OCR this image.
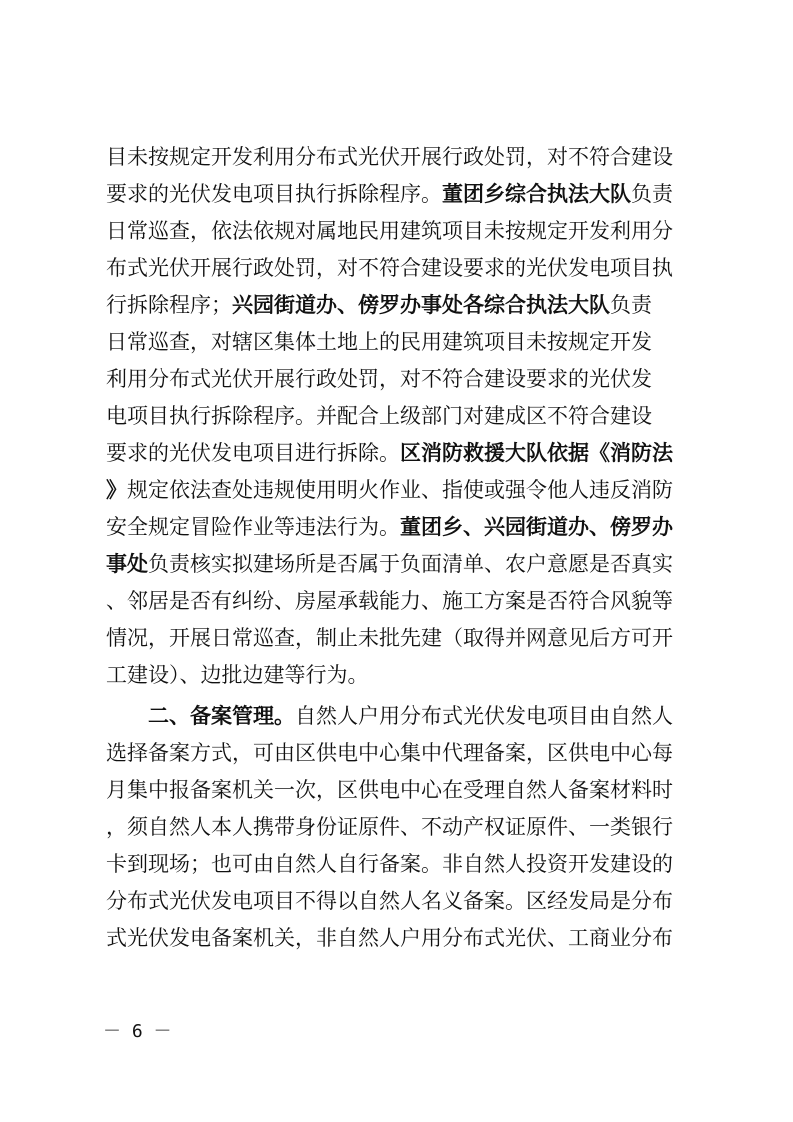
目未按规定开发利用分布式光伏开展行政处罚，对不符合建设
要求的光伏发电项目执行拆除程序。董团乡综合执法大队负责
日常巡查，依法依规对属地民用建筑项目未按规定开发利用分
布式光伏开展行政处罚，对不符合建设要求的光伏发电项目执
行拆除程序；兴园街道办、傍罗办事处各综合执法大队负责
日常巡查，对辖区集体土地上的民用建筑项目未按规定开发
利用分布式光伏开展行政处罚，对不符合建设要求的光伏发
电项目执行拆除程序。并配合上级部门对建成区不符合建设
要求的光伏发电项目进行拆除。区消防救援大队依据《消防法
》规定依法查处违规使用明火作业、指使或强令他人违反消防
安全规定冒险作业等违法行为。董团乡、兴园街道办、傍罗办
事处负责核实拟建场所是否属于负面清单、农户意愿是否真实
、邻居是否有纠纷、房屋承载能力、施工方案是否符合风貌等
情况，开展日常巡查，制止未批先建（取得并网意见后方可开
工建设）、边批边建等行为。
二、备案管理。自然人户用分布式光伏发电项目由自然人
选择备案方式，可由区供电中心集中代理备案，区供电中心每
月集中报备案机关一次，区供电中心在受理自然人备案材料时
，须自然人本人携带身份证原件、不动产权证原件、一类银行
卡到现场；也可由自然人自行备案。非自然人投资开发建设的
分布式光伏发电项目不得以自然人名义备案。区经发局是分布
式光伏发电备案机关，非自然人户用分布式光伏、工商业分布
－ 6 －
